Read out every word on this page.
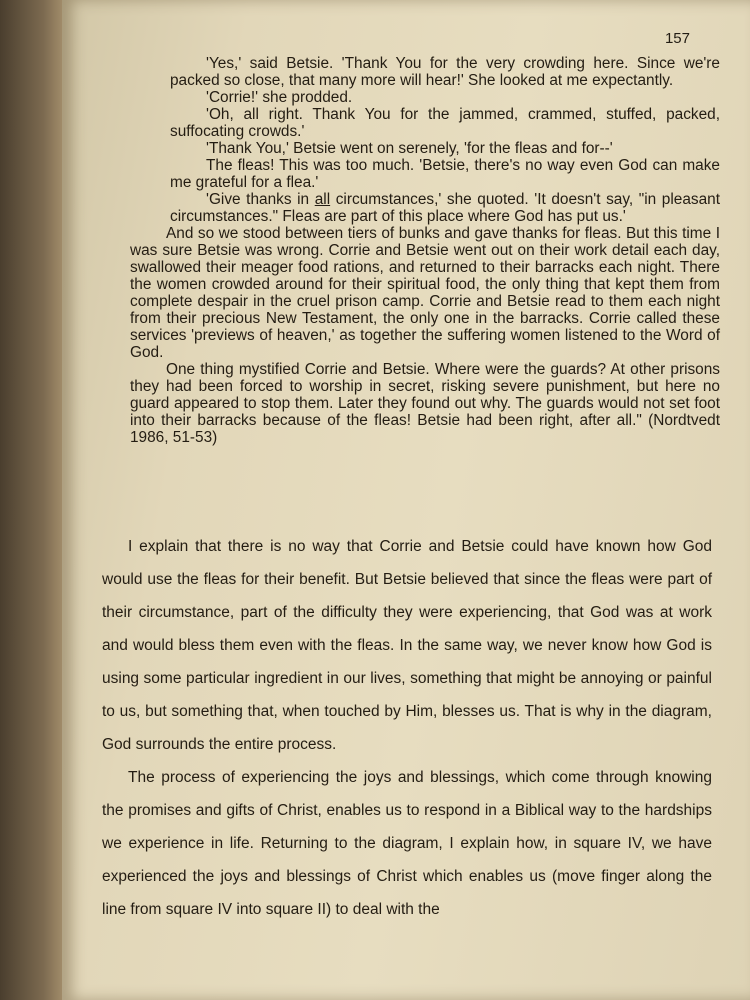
157

'Yes,' said Betsie. 'Thank You for the very crowding here. Since we're packed so close, that many more will hear!' She looked at me expectantly.

'Corrie!' she prodded.

'Oh, all right. Thank You for the jammed, crammed, stuffed, packed, suffocating crowds.'

'Thank You,' Betsie went on serenely, 'for the fleas and for--'

The fleas! This was too much. 'Betsie, there's no way even God can make me grateful for a flea.'

'Give thanks in all circumstances,' she quoted. 'It doesn't say, "in pleasant circumstances." Fleas are part of this place where God has put us.'

And so we stood between tiers of bunks and gave thanks for fleas. But this time I was sure Betsie was wrong. Corrie and Betsie went out on their work detail each day, swallowed their meager food rations, and returned to their barracks each night. There the women crowded around for their spiritual food, the only thing that kept them from complete despair in the cruel prison camp. Corrie and Betsie read to them each night from their precious New Testament, the only one in the barracks. Corrie called these services 'previews of heaven,' as together the suffering women listened to the Word of God.

One thing mystified Corrie and Betsie. Where were the guards? At other prisons they had been forced to worship in secret, risking severe punishment, but here no guard appeared to stop them. Later they found out why. The guards would not set foot into their barracks because of the fleas! Betsie had been right, after all." (Nordtvedt 1986, 51-53)

I explain that there is no way that Corrie and Betsie could have known how God would use the fleas for their benefit. But Betsie believed that since the fleas were part of their circumstance, part of the difficulty they were experiencing, that God was at work and would bless them even with the fleas. In the same way, we never know how God is using some particular ingredient in our lives, something that might be annoying or painful to us, but something that, when touched by Him, blesses us. That is why in the diagram, God surrounds the entire process.

The process of experiencing the joys and blessings, which come through knowing the promises and gifts of Christ, enables us to respond in a Biblical way to the hardships we experience in life. Returning to the diagram, I explain how, in square IV, we have experienced the joys and blessings of Christ which enables us (move finger along the line from square IV into square II) to deal with the
